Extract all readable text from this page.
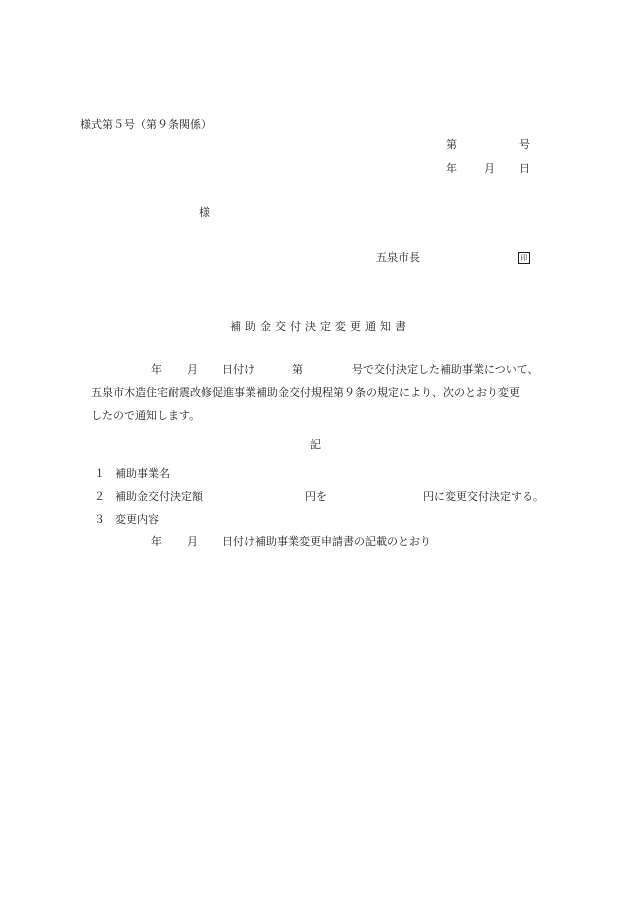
様式第５号（第９条関係）
第	号
年 月 日
様
五泉市長	印
補助金交付決定変更通知書
年 月 日付け	第	号で交付決定した補助事業について、
五泉市木造住宅耐震改修促進事業補助金交付規程第９条の規定により、次のとおり変更
したので通知します。
記
１ 補助事業名
２ 補助金交付決定額	円を	円に変更交付決定する。
３ 変更内容
年 月 日付け補助事業変更申請書の記載のとおり
